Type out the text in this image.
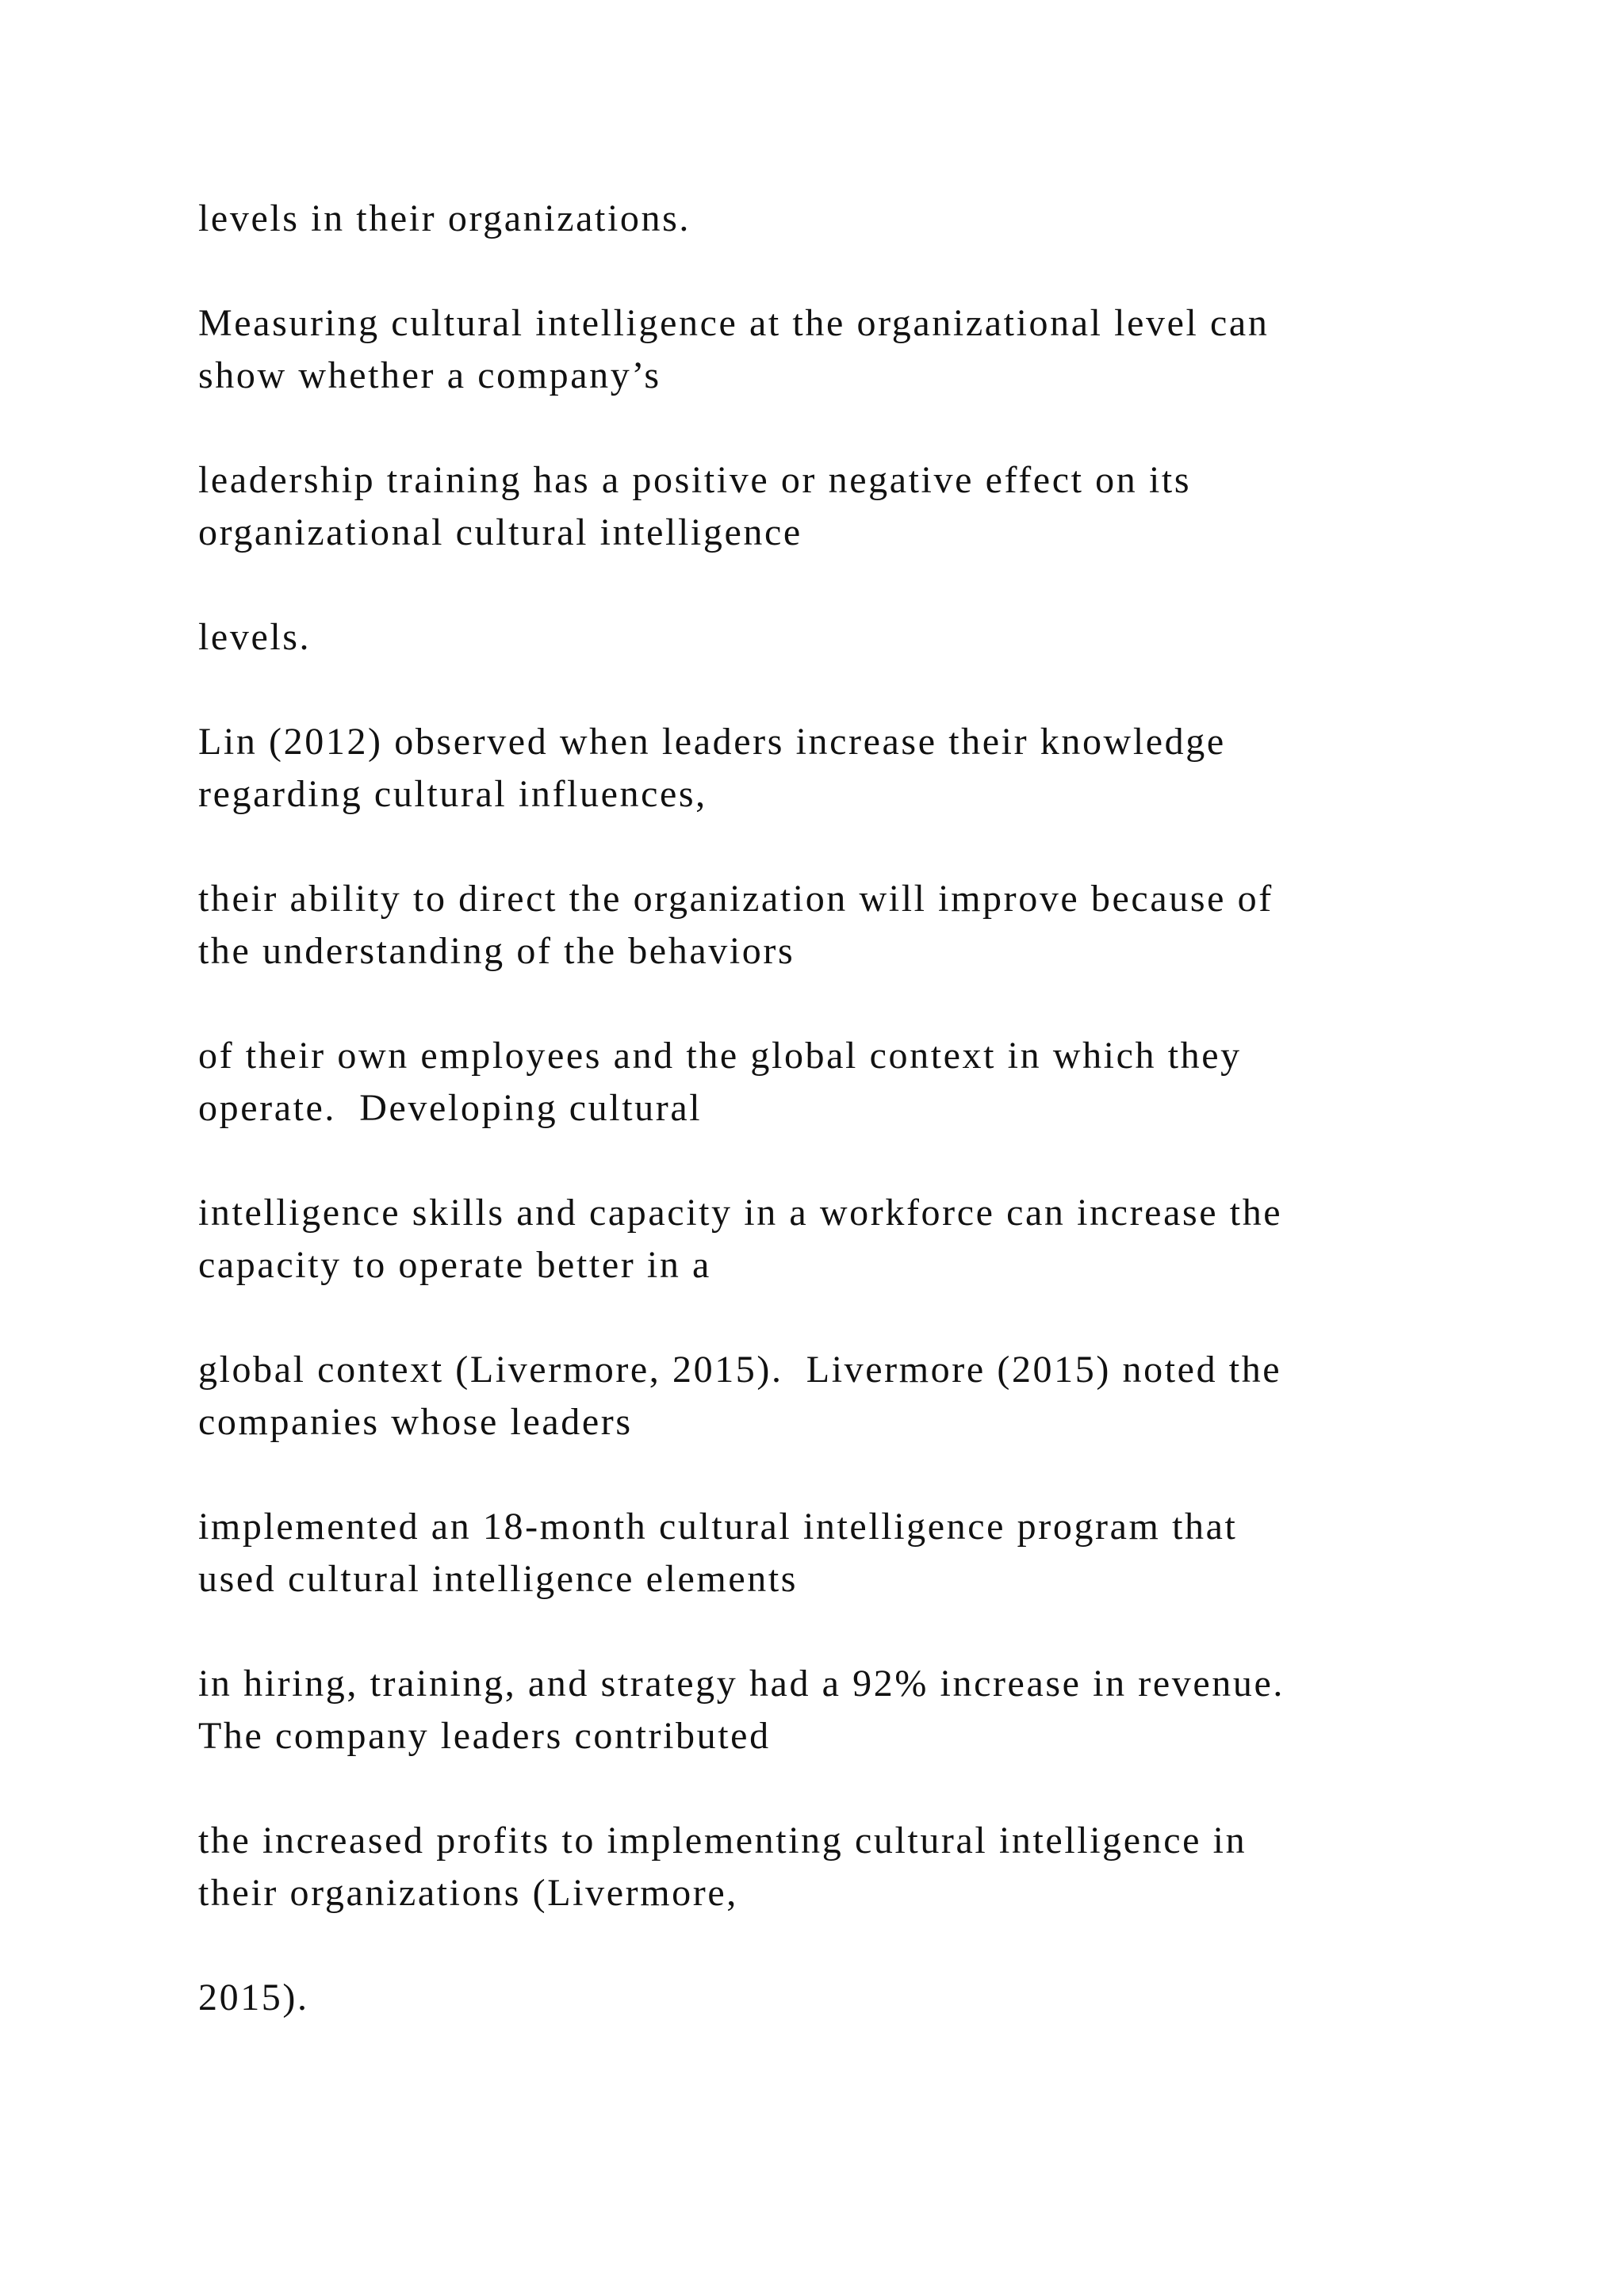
levels in their organizations.

Measuring cultural intelligence at the organizational level can
show whether a company’s

leadership training has a positive or negative effect on its
organizational cultural intelligence

levels.

Lin (2012) observed when leaders increase their knowledge
regarding cultural influences,

their ability to direct the organization will improve because of
the understanding of the behaviors

of their own employees and the global context in which they
operate.  Developing cultural

intelligence skills and capacity in a workforce can increase the
capacity to operate better in a

global context (Livermore, 2015).  Livermore (2015) noted the
companies whose leaders

implemented an 18-month cultural intelligence program that
used cultural intelligence elements

in hiring, training, and strategy had a 92% increase in revenue.
The company leaders contributed

the increased profits to implementing cultural intelligence in
their organizations (Livermore,

2015).
